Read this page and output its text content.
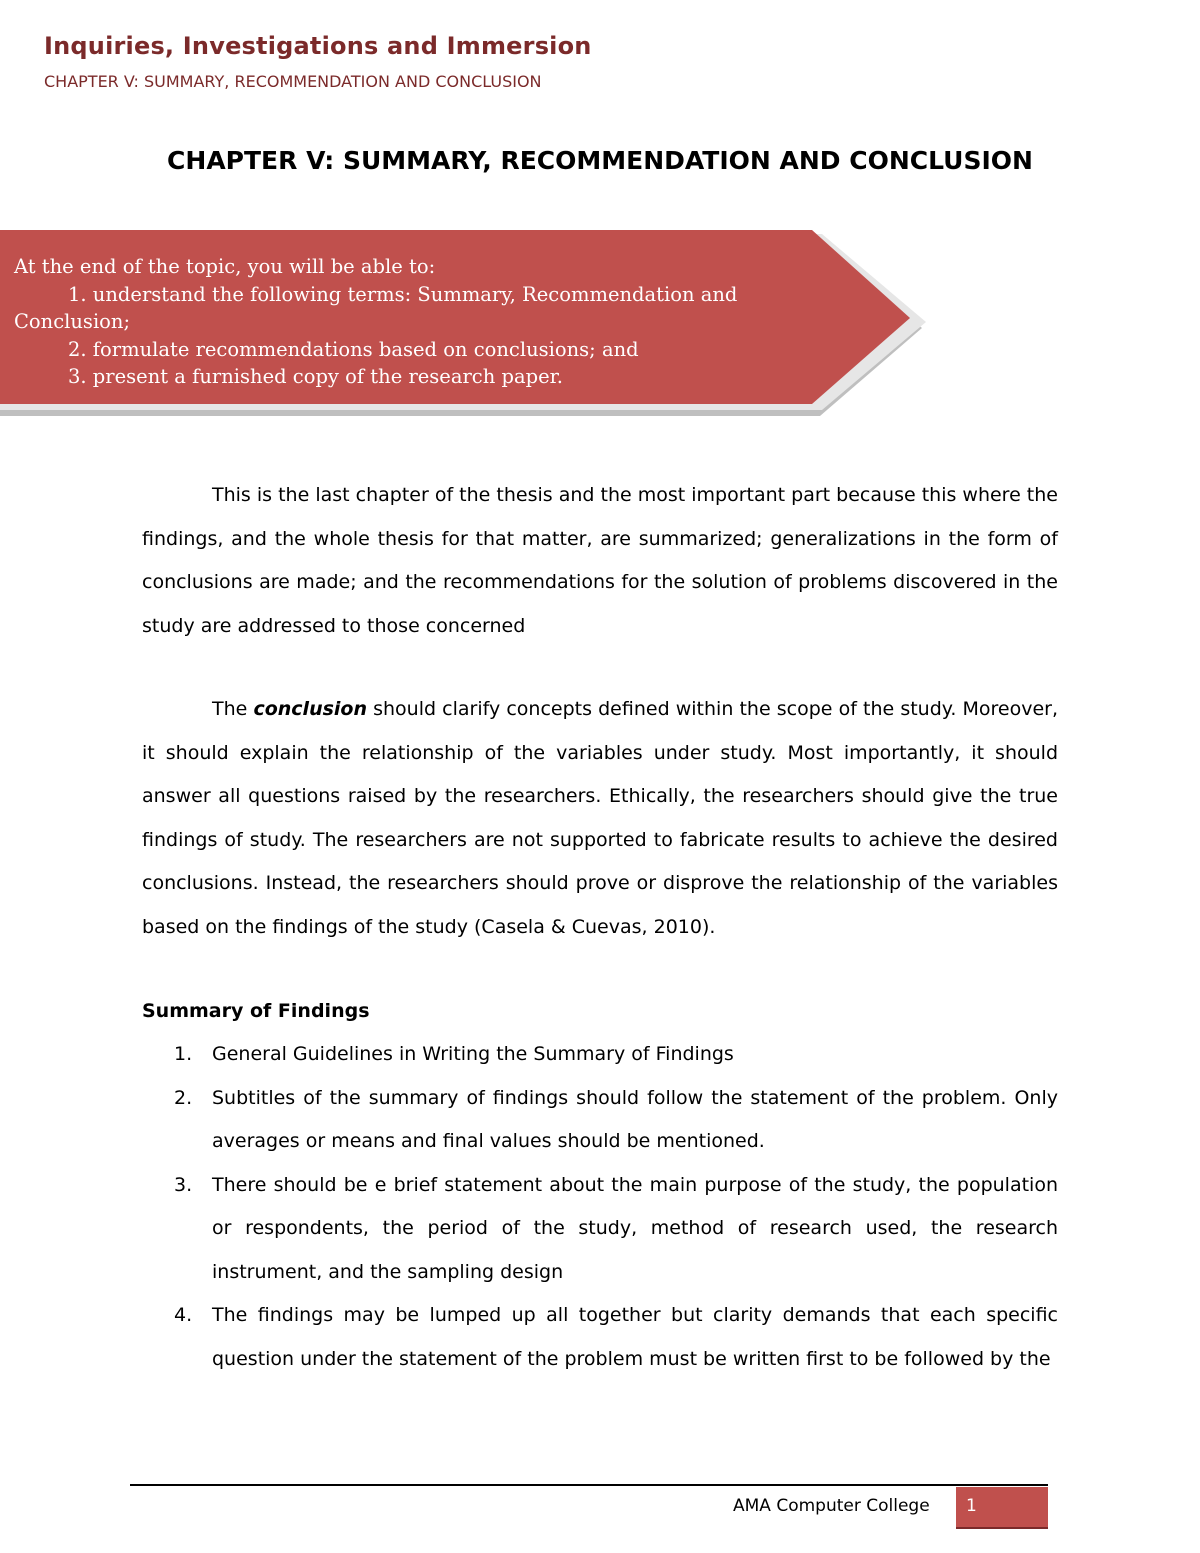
Inquiries, Investigations and Immersion
CHAPTER V: SUMMARY, RECOMMENDATION AND CONCLUSION
CHAPTER V: SUMMARY, RECOMMENDATION AND CONCLUSION
At the end of the topic, you will be able to:
1. understand the following terms: Summary, Recommendation and
Conclusion;
2. formulate recommendations based on conclusions; and
3. present a furnished copy of the research paper.

This is the last chapter of the thesis and the most important part because this where the findings, and the whole thesis for that matter, are summarized; generalizations in the form of conclusions are made; and the recommendations for the solution of problems discovered in the study are addressed to those concerned

The conclusion should clarify concepts defined within the scope of the study. Moreover, it should explain the relationship of the variables under study. Most importantly, it should answer all questions raised by the researchers. Ethically, the researchers should give the true findings of study. The researchers are not supported to fabricate results to achieve the desired conclusions. Instead, the researchers should prove or disprove the relationship of the variables based on the findings of the study (Casela & Cuevas, 2010).

Summary of Findings
1. General Guidelines in Writing the Summary of Findings
2. Subtitles of the summary of findings should follow the statement of the problem. Only averages or means and final values should be mentioned.
3. There should be e brief statement about the main purpose of the study, the population or respondents, the period of the study, method of research used, the research instrument, and the sampling design
4. The findings may be lumped up all together but clarity demands that each specific question under the statement of the problem must be written first to be followed by the
AMA Computer College	1
